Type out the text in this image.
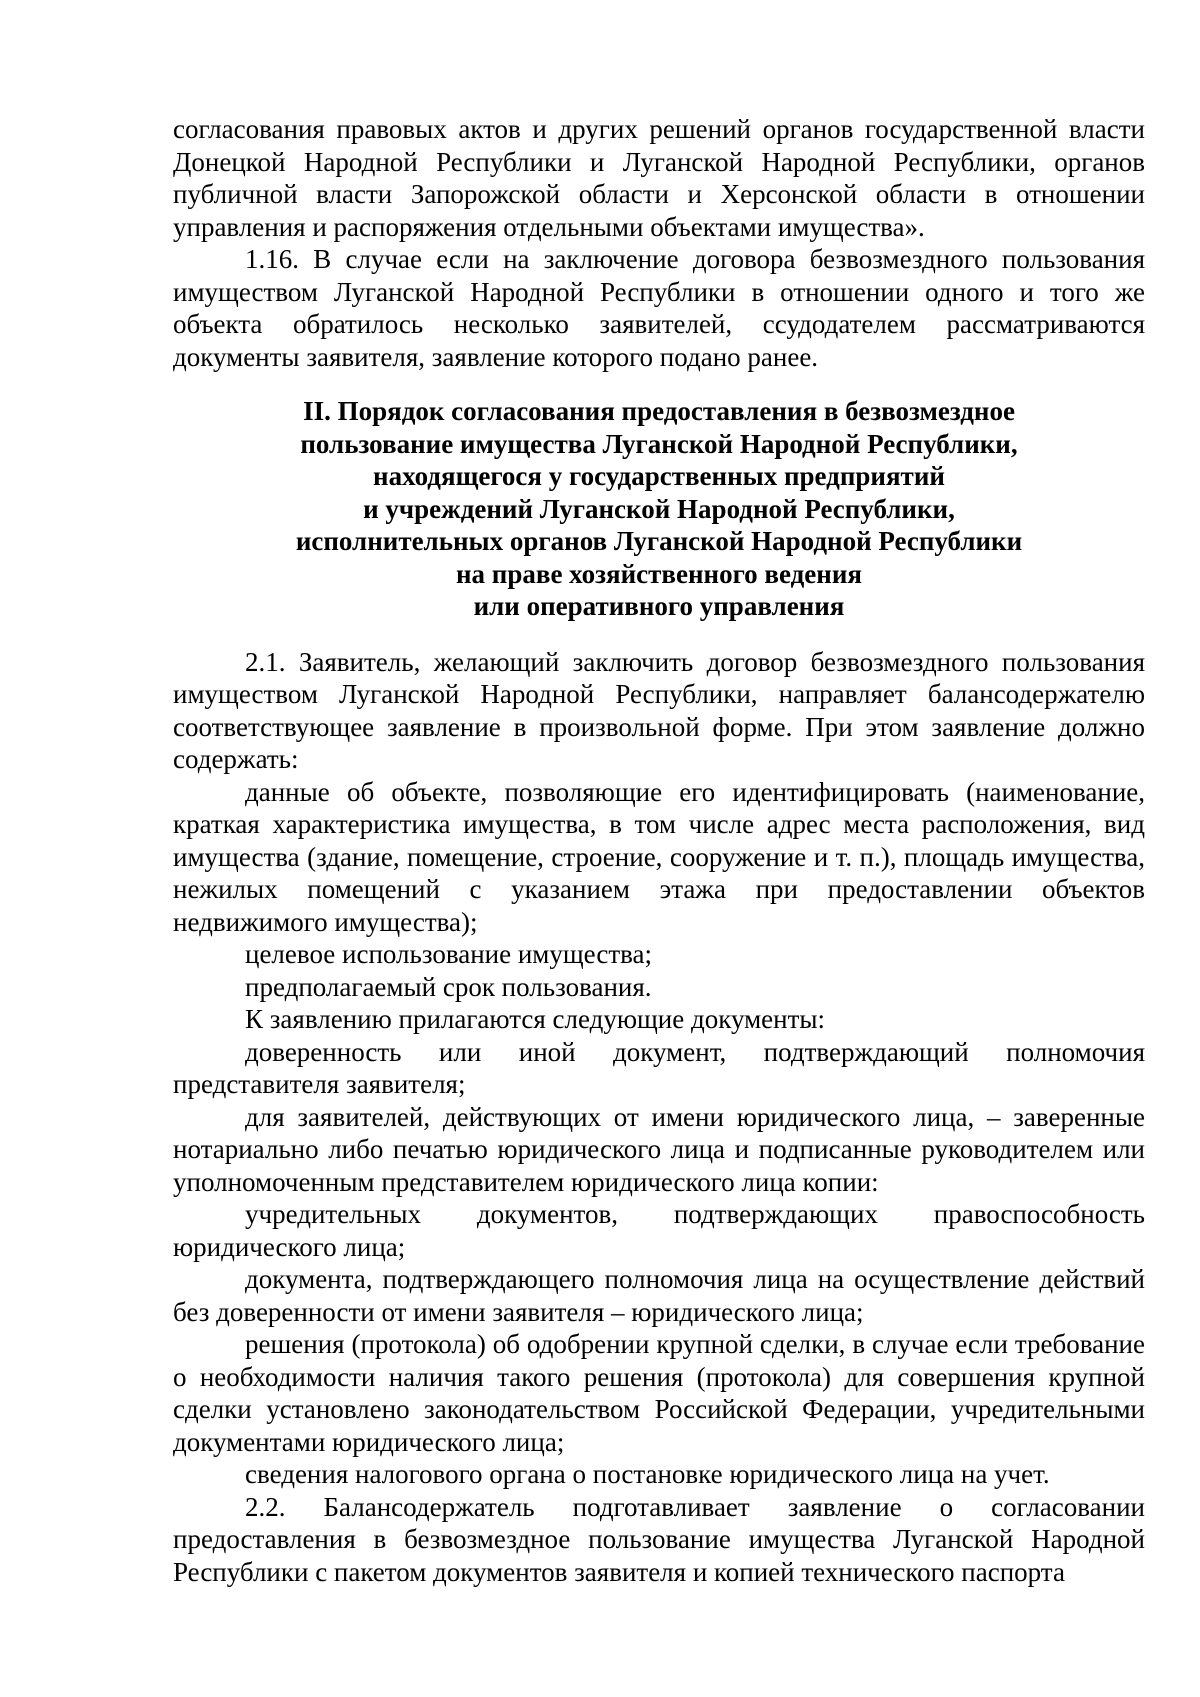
согласования правовых актов и других решений органов государственной власти Донецкой Народной Республики и Луганской Народной Республики, органов публичной власти Запорожской области и Херсонской области в отношении управления и распоряжения отдельными объектами имущества».

1.16. В случае если на заключение договора безвозмездного пользования имуществом Луганской Народной Республики в отношении одного и того же объекта обратилось несколько заявителей, ссудодателем рассматриваются документы заявителя, заявление которого подано ранее.

II. Порядок согласования предоставления в безвозмездное
пользование имущества Луганской Народной Республики,
находящегося у государственных предприятий
и учреждений Луганской Народной Республики,
исполнительных органов Луганской Народной Республики
на праве хозяйственного ведения
или оперативного управления

2.1. Заявитель, желающий заключить договор безвозмездного пользования имуществом Луганской Народной Республики, направляет балансодержателю соответствующее заявление в произвольной форме. При этом заявление должно содержать:

данные об объекте, позволяющие его идентифицировать (наименование, краткая характеристика имущества, в том числе адрес места расположения, вид имущества (здание, помещение, строение, сооружение и т. п.), площадь имущества, нежилых помещений с указанием этажа при предоставлении объектов недвижимого имущества);

целевое использование имущества;

предполагаемый срок пользования.

К заявлению прилагаются следующие документы:

доверенность или иной документ, подтверждающий полномочия представителя заявителя;

для заявителей, действующих от имени юридического лица, – заверенные нотариально либо печатью юридического лица и подписанные руководителем или уполномоченным представителем юридического лица копии:

учредительных документов, подтверждающих правоспособность юридического лица;

документа, подтверждающего полномочия лица на осуществление действий без доверенности от имени заявителя – юридического лица;

решения (протокола) об одобрении крупной сделки, в случае если требование о необходимости наличия такого решения (протокола) для совершения крупной сделки установлено законодательством Российской Федерации, учредительными документами юридического лица;

сведения налогового органа о постановке юридического лица на учет.

2.2. Балансодержатель подготавливает заявление о согласовании предоставления в безвозмездное пользование имущества Луганской Народной Республики с пакетом документов заявителя и копией технического паспорта
